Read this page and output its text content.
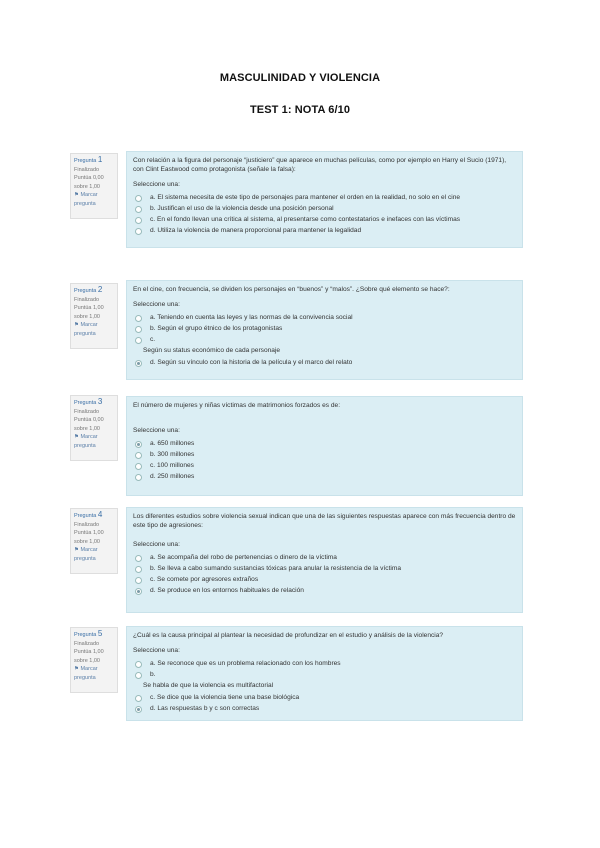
MASCULINIDAD Y VIOLENCIA
TEST 1: NOTA 6/10
Pregunta 1
Finalizado
Puntúa 0,00 sobre 1,00
⚑ Marcar pregunta

Con relación a la figura del personaje “justiciero” que aparece en muchas películas, como por ejemplo en Harry el Sucio (1971), con Clint Eastwood como protagonista (señale la falsa):

Seleccione una:

a. El sistema necesita de este tipo de personajes para mantener el orden en la realidad, no solo en el cine
b. Justifican el uso de la violencia desde una posición personal
c. En el fondo llevan una crítica al sistema, al presentarse como contestatarios e inefaces con las víctimas
d. Utiliza la violencia de manera proporcional para mantener la legalidad
Pregunta 2
Finalizado
Puntúa 1,00 sobre 1,00
⚑ Marcar pregunta

En el cine, con frecuencia, se dividen los personajes en “buenos” y “malos”. ¿Sobre qué elemento se hace?:

Seleccione una:

a. Teniendo en cuenta las leyes y las normas de la convivencia social
b. Según el grupo étnico de los protagonistas
c.
Según su status económico de cada personaje
d. Según su vínculo con la historia de la película y el marco del relato
Pregunta 3
Finalizado
Puntúa 0,00 sobre 1,00
⚑ Marcar pregunta

El número de mujeres y niñas víctimas de matrimonios forzados es de:

Seleccione una:

a. 650 millones
b. 300 millones
c. 100 millones
d. 250 millones
Pregunta 4
Finalizado
Puntúa 1,00 sobre 1,00
⚑ Marcar pregunta

Los diferentes estudios sobre violencia sexual indican que una de las siguientes respuestas aparece con más frecuencia dentro de este tipo de agresiones:

Seleccione una:

a. Se acompaña del robo de pertenencias o dinero de la víctima
b. Se lleva a cabo sumando sustancias tóxicas para anular la resistencia de la víctima
c. Se comete por agresores extraños
d. Se produce en los entornos habituales de relación
Pregunta 5
Finalizado
Puntúa 1,00 sobre 1,00
⚑ Marcar pregunta

¿Cuál es la causa principal al plantear la necesidad de profundizar en el estudio y análisis de la violencia?

Seleccione una:

a. Se reconoce que es un problema relacionado con los hombres
b.
Se habla de que la violencia es multifactorial
c. Se dice que la violencia tiene una base biológica
d. Las respuestas b y c son correctas
